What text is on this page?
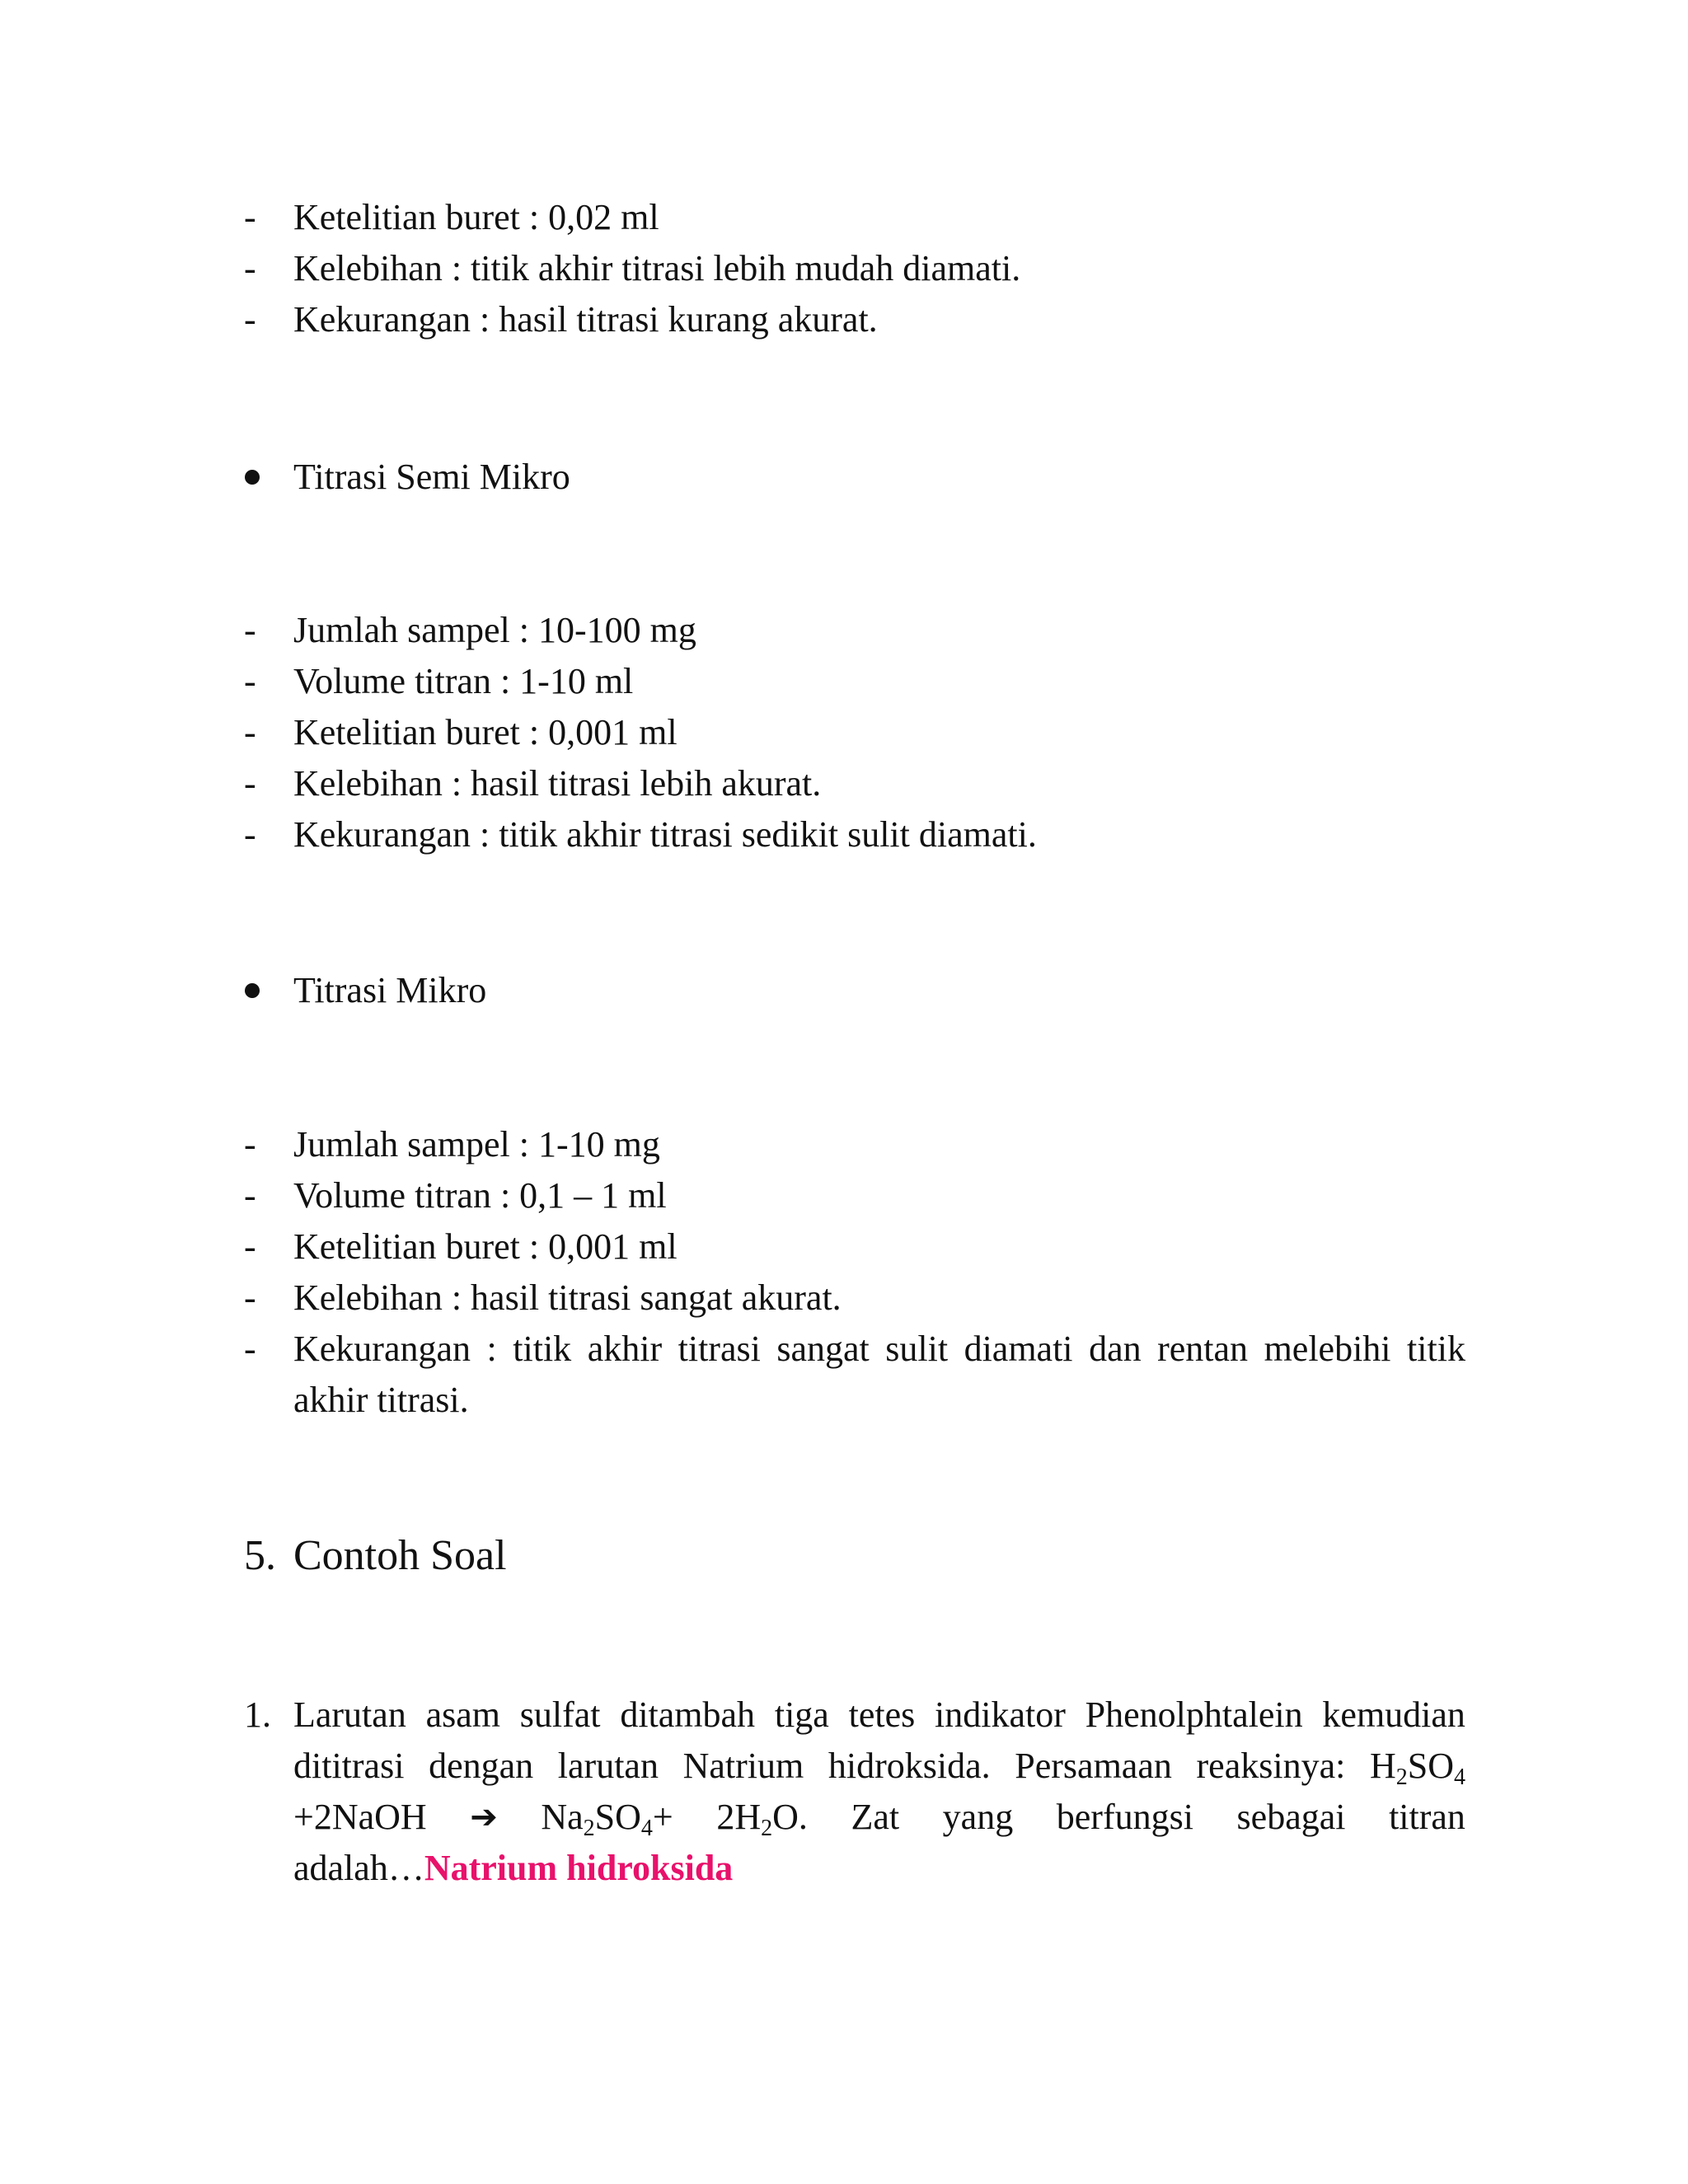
- Ketelitian buret : 0,02 ml
- Kelebihan : titik akhir titrasi lebih mudah diamati.
- Kekurangan : hasil titrasi kurang akurat.
Titrasi Semi Mikro
- Jumlah sampel : 10-100 mg
- Volume titran : 1-10 ml
- Ketelitian buret : 0,001 ml
- Kelebihan : hasil titrasi lebih akurat.
- Kekurangan : titik akhir titrasi sedikit sulit diamati.
Titrasi Mikro
- Jumlah sampel : 1-10 mg
- Volume titran : 0,1 – 1 ml
- Ketelitian buret : 0,001 ml
- Kelebihan : hasil titrasi sangat akurat.
- Kekurangan : titik akhir titrasi sangat sulit diamati dan rentan melebihi titik
akhir titrasi.
5. Contoh Soal
1. Larutan asam sulfat ditambah tiga tetes indikator Phenolphtalein kemudian
dititrasi dengan larutan Natrium hidroksida. Persamaan reaksinya: $H_2SO_4$
+2NaOH ➔ $Na_2SO_4+ 2H_2O$. Zat yang berfungsi sebagai titran
adalah…Natrium hidroksida
